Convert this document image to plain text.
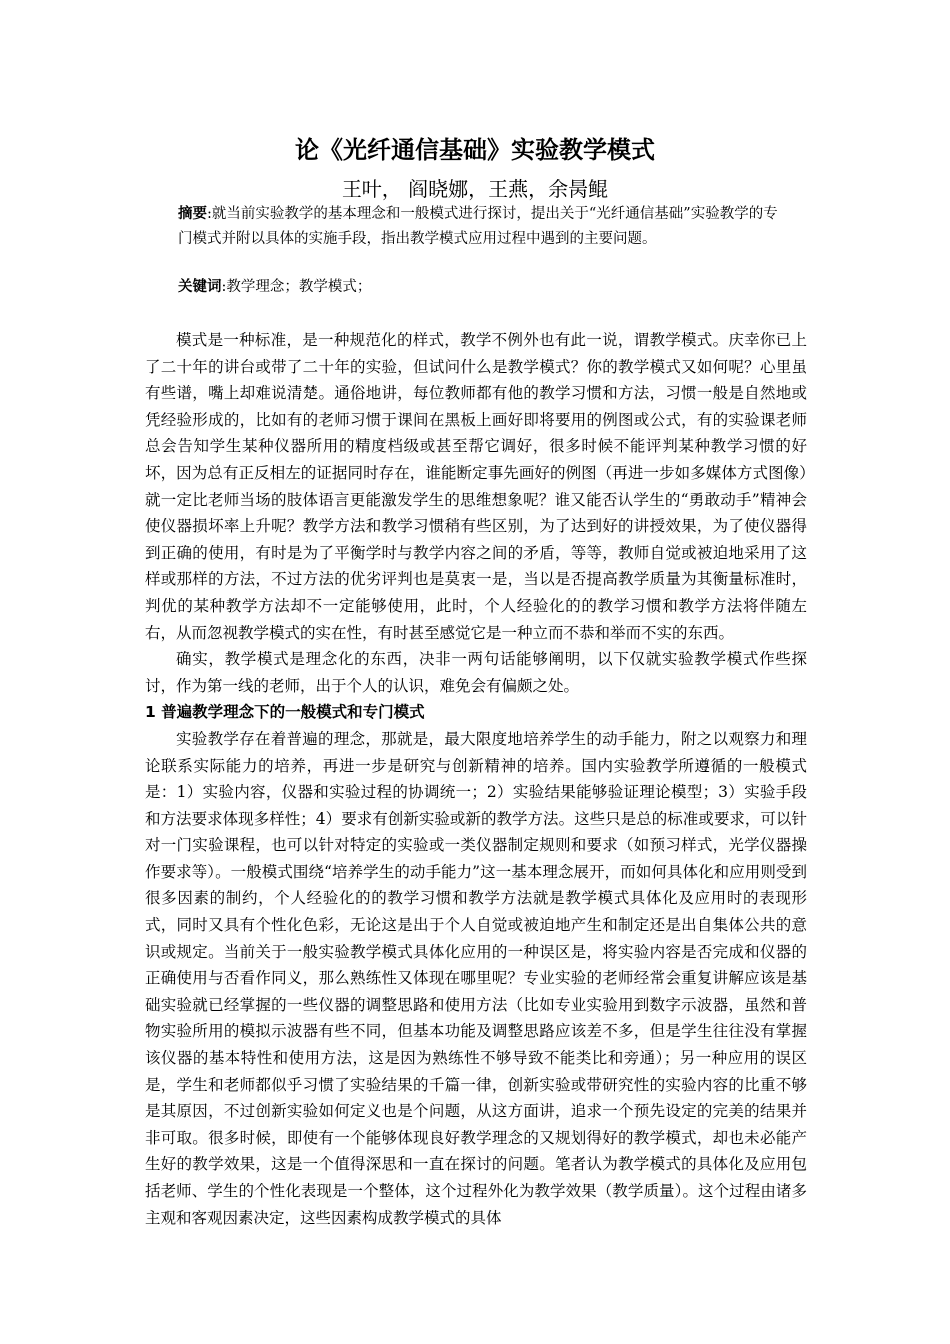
论《光纤通信基础》实验教学模式
王叶， 阎晓娜，王燕，余昺鲲

摘要:就当前实验教学的基本理念和一般模式进行探讨，提出关于“光纤通信基础”实验教学的专门模式并附以具体的实施手段，指出教学模式应用过程中遇到的主要问题。

关键词:教学理念；教学模式；

模式是一种标准，是一种规范化的样式，教学不例外也有此一说，谓教学模式。庆幸你已上了二十年的讲台或带了二十年的实验，但试问什么是教学模式？你的教学模式又如何呢？心里虽有些谱，嘴上却难说清楚。通俗地讲，每位教师都有他的教学习惯和方法，习惯一般是自然地或凭经验形成的，比如有的老师习惯于课间在黑板上画好即将要用的例图或公式，有的实验课老师总会告知学生某种仪器所用的精度档级或甚至帮它调好，很多时候不能评判某种教学习惯的好坏，因为总有正反相左的证据同时存在，谁能断定事先画好的例图（再进一步如多媒体方式图像）就一定比老师当场的肢体语言更能激发学生的思维想象呢？谁又能否认学生的“勇敢动手”精神会使仪器损坏率上升呢？教学方法和教学习惯稍有些区别，为了达到好的讲授效果，为了使仪器得到正确的使用，有时是为了平衡学时与教学内容之间的矛盾，等等，教师自觉或被迫地采用了这样或那样的方法，不过方法的优劣评判也是莫衷一是，当以是否提高教学质量为其衡量标准时，判优的某种教学方法却不一定能够使用，此时，个人经验化的的教学习惯和教学方法将伴随左右，从而忽视教学模式的实在性，有时甚至感觉它是一种立而不恭和举而不实的东西。

确实，教学模式是理念化的东西，决非一两句话能够阐明，以下仅就实验教学模式作些探讨，作为第一线的老师，出于个人的认识，难免会有偏颇之处。

1 普遍教学理念下的一般模式和专门模式

实验教学存在着普遍的理念，那就是，最大限度地培养学生的动手能力，附之以观察力和理论联系实际能力的培养，再进一步是研究与创新精神的培养。国内实验教学所遵循的一般模式是：1）实验内容，仪器和实验过程的协调统一；2）实验结果能够验证理论模型；3）实验手段和方法要求体现多样性；4）要求有创新实验或新的教学方法。这些只是总的标准或要求，可以针对一门实验课程，也可以针对特定的实验或一类仪器制定规则和要求（如预习样式，光学仪器操作要求等）。一般模式围绕“培养学生的动手能力”这一基本理念展开，而如何具体化和应用则受到很多因素的制约，个人经验化的的教学习惯和教学方法就是教学模式具体化及应用时的表现形式，同时又具有个性化色彩，无论这是出于个人自觉或被迫地产生和制定还是出自集体公共的意识或规定。当前关于一般实验教学模式具体化应用的一种误区是，将实验内容是否完成和仪器的正确使用与否看作同义，那么熟练性又体现在哪里呢？专业实验的老师经常会重复讲解应该是基础实验就已经掌握的一些仪器的调整思路和使用方法（比如专业实验用到数字示波器，虽然和普物实验所用的模拟示波器有些不同，但基本功能及调整思路应该差不多，但是学生往往没有掌握该仪器的基本特性和使用方法，这是因为熟练性不够导致不能类比和旁通）；另一种应用的误区是，学生和老师都似乎习惯了实验结果的千篇一律，创新实验或带研究性的实验内容的比重不够是其原因，不过创新实验如何定义也是个问题，从这方面讲，追求一个预先设定的完美的结果并非可取。很多时候，即使有一个能够体现良好教学理念的又规划得好的教学模式，却也未必能产生好的教学效果，这是一个值得深思和一直在探讨的问题。笔者认为教学模式的具体化及应用包括老师、学生的个性化表现是一个整体，这个过程外化为教学效果（教学质量）。这个过程由诸多主观和客观因素决定，这些因素构成教学模式的具体
